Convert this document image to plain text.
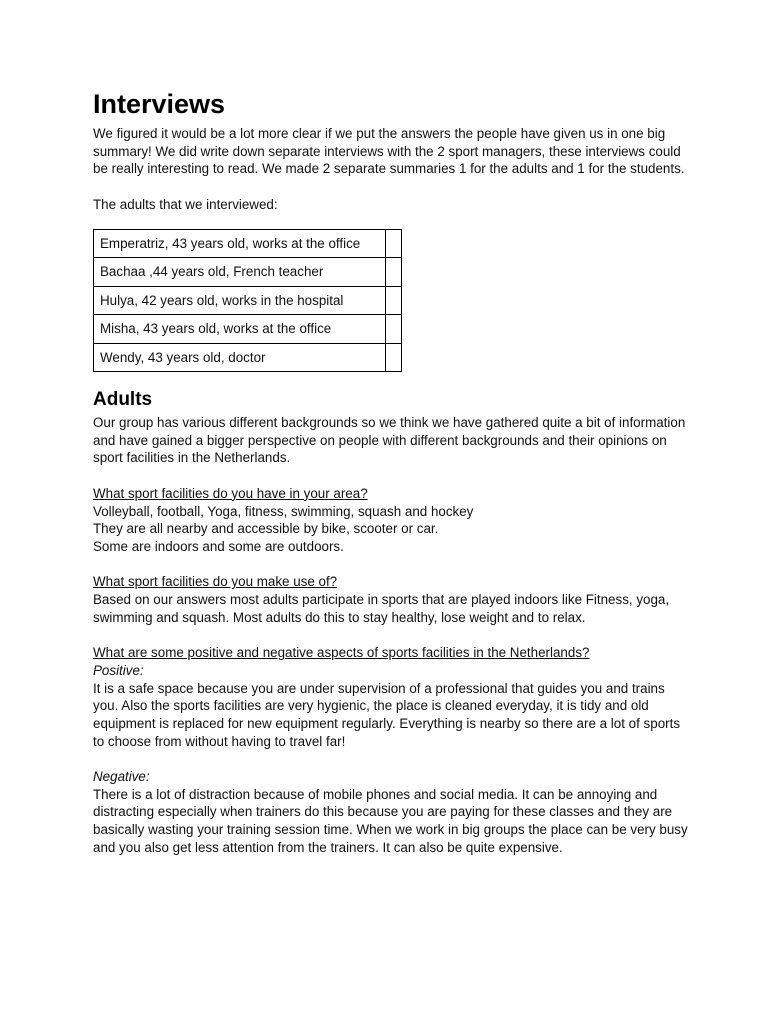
Interviews

We figured it would be a lot more clear if we put the answers the people have given us in one big summary! We did write down separate interviews with the 2 sport managers, these interviews could be really interesting to read. We made 2 separate summaries 1 for the adults and 1 for the students.

The adults that we interviewed:

Emperatriz, 43 years old, works at the office	
Bachaa ,44 years old, French teacher	
Hulya, 42 years old, works in the hospital	
Misha, 43 years old, works at the office	
Wendy, 43 years old, doctor	
Adults

Our group has various different backgrounds so we think we have gathered quite a bit of information and have gained a bigger perspective on people with different backgrounds and their opinions on sport facilities in the Netherlands.

What sport facilities do you have in your area?

Volleyball, football, Yoga, fitness, swimming, squash and hockey

They are all nearby and accessible by bike, scooter or car.

Some are indoors and some are outdoors.

What sport facilities do you make use of?

Based on our answers most adults participate in sports that are played indoors like Fitness, yoga, swimming and squash. Most adults do this to stay healthy, lose weight and to relax.

What are some positive and negative aspects of sports facilities in the Netherlands?

Positive:

It is a safe space because you are under supervision of a professional that guides you and trains you. Also the sports facilities are very hygienic, the place is cleaned everyday, it is tidy and old equipment is replaced for new equipment regularly. Everything is nearby so there are a lot of sports to choose from without having to travel far!

Negative:

There is a lot of distraction because of mobile phones and social media. It can be annoying and distracting especially when trainers do this because you are paying for these classes and they are basically wasting your training session time. When we work in big groups the place can be very busy and you also get less attention from the trainers. It can also be quite expensive.
